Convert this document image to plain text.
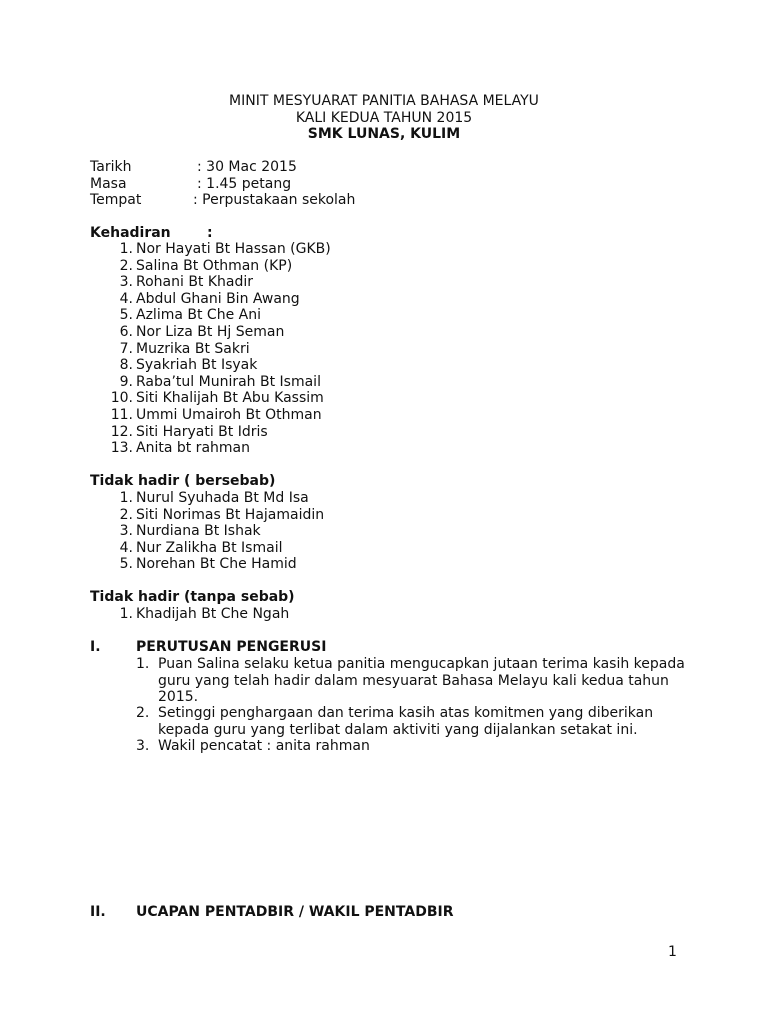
MINIT MESYUARAT PANITIA BAHASA MELAYU
KALI KEDUA TAHUN 2015
SMK LUNAS, KULIM
Tarikh	: 30 Mac 2015
Masa	: 1.45 petang
Tempat	: Perpustakaan sekolah
Kehadiran	:
1. Nor Hayati Bt Hassan (GKB)
2. Salina Bt Othman (KP)
3. Rohani Bt Khadir
4. Abdul Ghani Bin Awang
5. Azlima Bt Che Ani
6. Nor Liza Bt Hj Seman
7. Muzrika Bt Sakri
8. Syakriah Bt Isyak
9. Raba’tul Munirah Bt Ismail
10. Siti Khalijah Bt Abu Kassim
11. Ummi Umairoh Bt Othman
12. Siti Haryati Bt Idris
13. Anita bt rahman
Tidak hadir ( bersebab)
1. Nurul Syuhada Bt Md Isa
2. Siti Norimas Bt Hajamaidin
3. Nurdiana Bt Ishak
4. Nur Zalikha Bt Ismail
5. Norehan Bt Che Hamid
Tidak hadir (tanpa sebab)
1. Khadijah Bt Che Ngah
I.	PERUTUSAN PENGERUSI
1. Puan Salina selaku ketua panitia mengucapkan jutaan terima kasih kepada guru yang telah hadir dalam mesyuarat Bahasa Melayu kali kedua tahun 2015.
2. Setinggi penghargaan dan terima kasih atas komitmen yang diberikan kepada guru yang terlibat dalam aktiviti yang dijalankan setakat ini.
3. Wakil pencatat : anita rahman
II. UCAPAN PENTADBIR / WAKIL PENTADBIR
1
